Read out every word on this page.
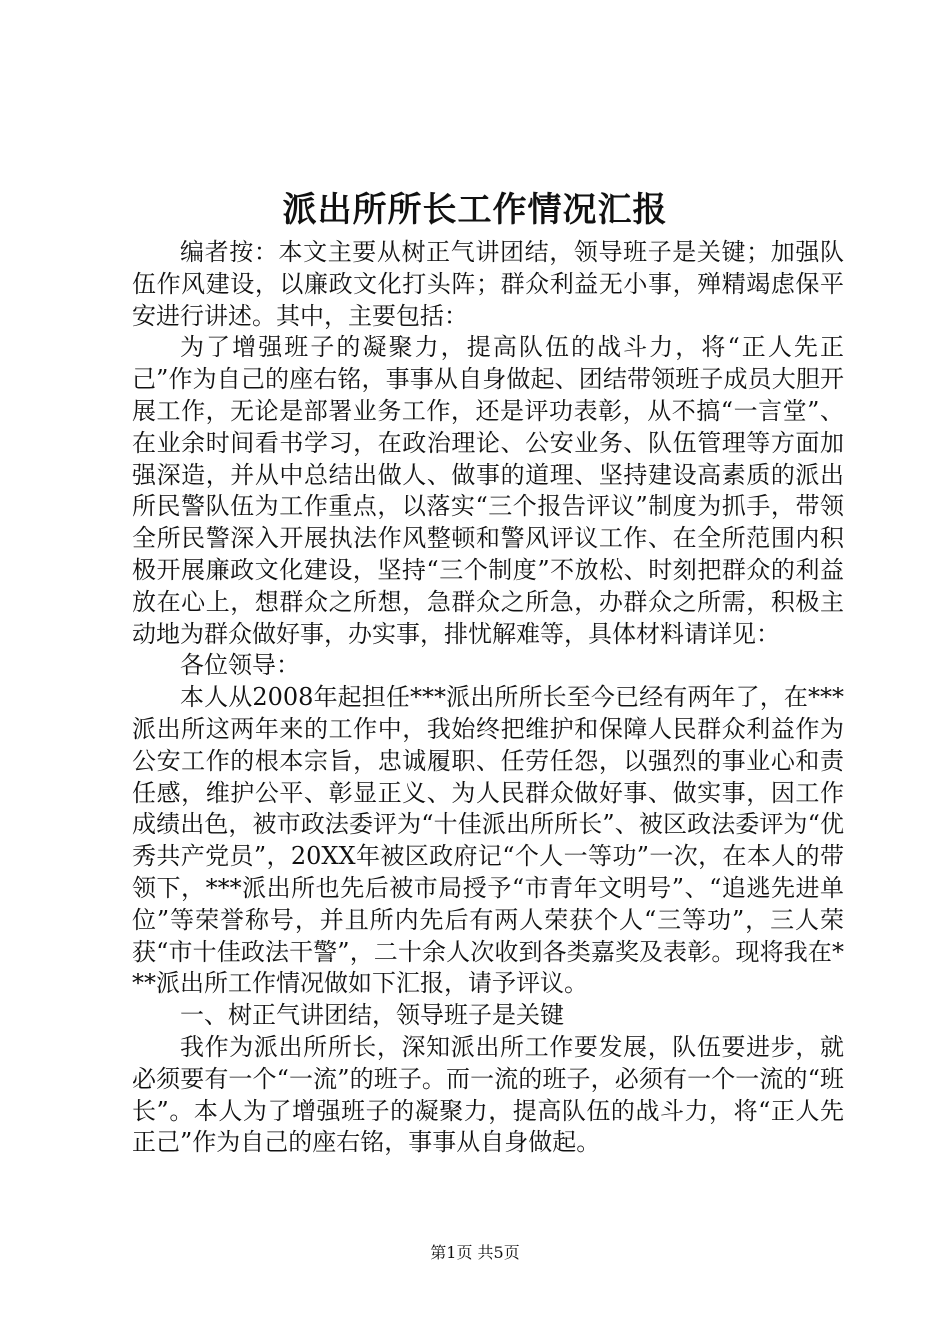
派出所所长工作情况汇报

编者按：本文主要从树正气讲团结，领导班子是关键；加强队伍作风建设，以廉政文化打头阵；群众利益无小事，殚精竭虑保平安进行讲述。其中，主要包括：

为了增强班子的凝聚力，提高队伍的战斗力，将“正人先正己”作为自己的座右铭，事事从自身做起、团结带领班子成员大胆开展工作，无论是部署业务工作，还是评功表彰，从不搞“一言堂”、在业余时间看书学习，在政治理论、公安业务、队伍管理等方面加强深造，并从中总结出做人、做事的道理、坚持建设高素质的派出所民警队伍为工作重点，以落实“三个报告评议”制度为抓手，带领全所民警深入开展执法作风整顿和警风评议工作、在全所范围内积极开展廉政文化建设，坚持“三个制度”不放松、时刻把群众的利益放在心上，想群众之所想，急群众之所急，办群众之所需，积极主动地为群众做好事，办实事，排忧解难等，具体材料请详见：

各位领导：

本人从2008年起担任***派出所所长至今已经有两年了，在***派出所这两年来的工作中，我始终把维护和保障人民群众利益作为公安工作的根本宗旨，忠诚履职、任劳任怨，以强烈的事业心和责任感，维护公平、彰显正义、为人民群众做好事、做实事，因工作成绩出色，被市政法委评为“十佳派出所所长”、被区政法委评为“优秀共产党员”，20XX年被区政府记“个人一等功”一次，在本人的带领下，***派出所也先后被市局授予“市青年文明号”、“追逃先进单位”等荣誉称号，并且所内先后有两人荣获个人“三等功”，三人荣获“市十佳政法干警”，二十余人次收到各类嘉奖及表彰。现将我在***派出所工作情况做如下汇报，请予评议。

一、树正气讲团结，领导班子是关键

我作为派出所所长，深知派出所工作要发展，队伍要进步，就必须要有一个“一流”的班子。而一流的班子，必须有一个一流的“班长”。本人为了增强班子的凝聚力，提高队伍的战斗力，将“正人先正己”作为自己的座右铭，事事从自身做起。

第1页 共5页
